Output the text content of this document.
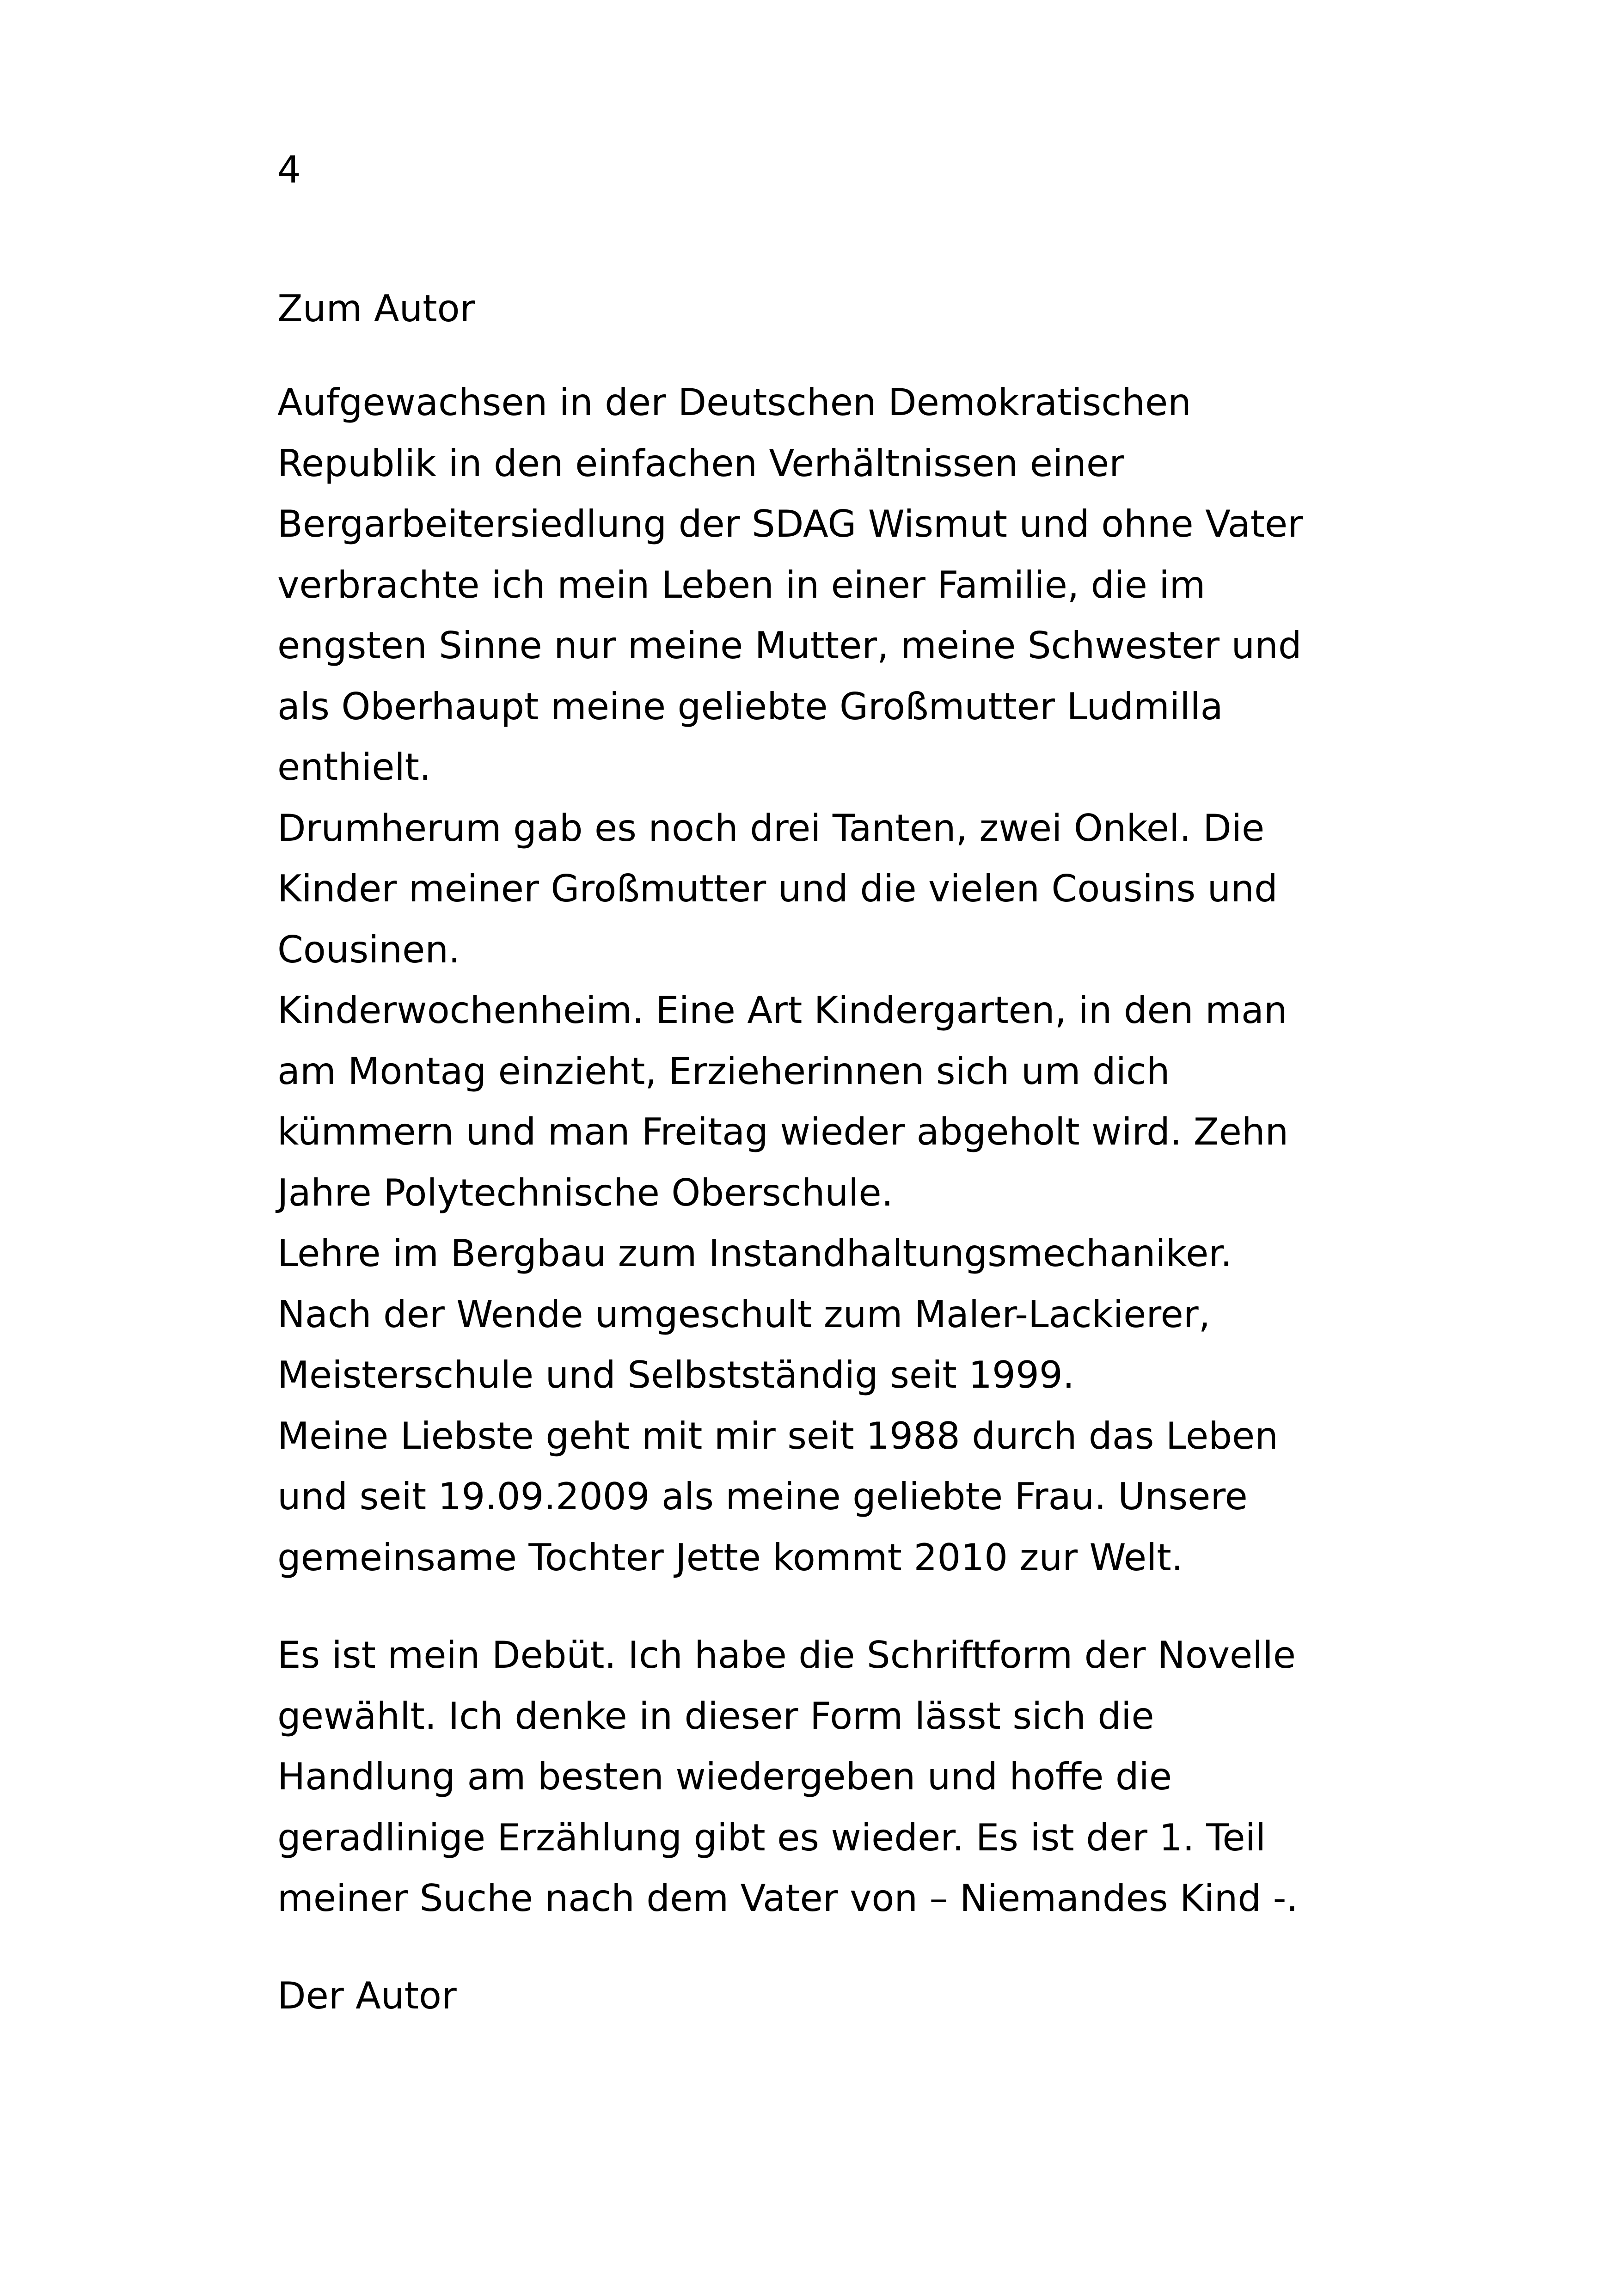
4

Zum Autor

Aufgewachsen in der Deutschen Demokratischen
Republik in den einfachen Verhältnissen einer
Bergarbeitersiedlung der SDAG Wismut und ohne Vater
verbrachte ich mein Leben in einer Familie, die im
engsten Sinne nur meine Mutter, meine Schwester und
als Oberhaupt meine geliebte Großmutter Ludmilla
enthielt.
Drumherum gab es noch drei Tanten, zwei Onkel. Die
Kinder meiner Großmutter und die vielen Cousins und
Cousinen.
Kinderwochenheim. Eine Art Kindergarten, in den man
am Montag einzieht, Erzieherinnen sich um dich
kümmern und man Freitag wieder abgeholt wird. Zehn
Jahre Polytechnische Oberschule.
Lehre im Bergbau zum Instandhaltungsmechaniker.
Nach der Wende umgeschult zum Maler-Lackierer,
Meisterschule und Selbstständig seit 1999.
Meine Liebste geht mit mir seit 1988 durch das Leben
und seit 19.09.2009 als meine geliebte Frau. Unsere
gemeinsame Tochter Jette kommt 2010 zur Welt.

Es ist mein Debüt. Ich habe die Schriftform der Novelle
gewählt. Ich denke in dieser Form lässt sich die
Handlung am besten wiedergeben und hoffe die
geradlinige Erzählung gibt es wieder. Es ist der 1. Teil
meiner Suche nach dem Vater von – Niemandes Kind -.

Der Autor
